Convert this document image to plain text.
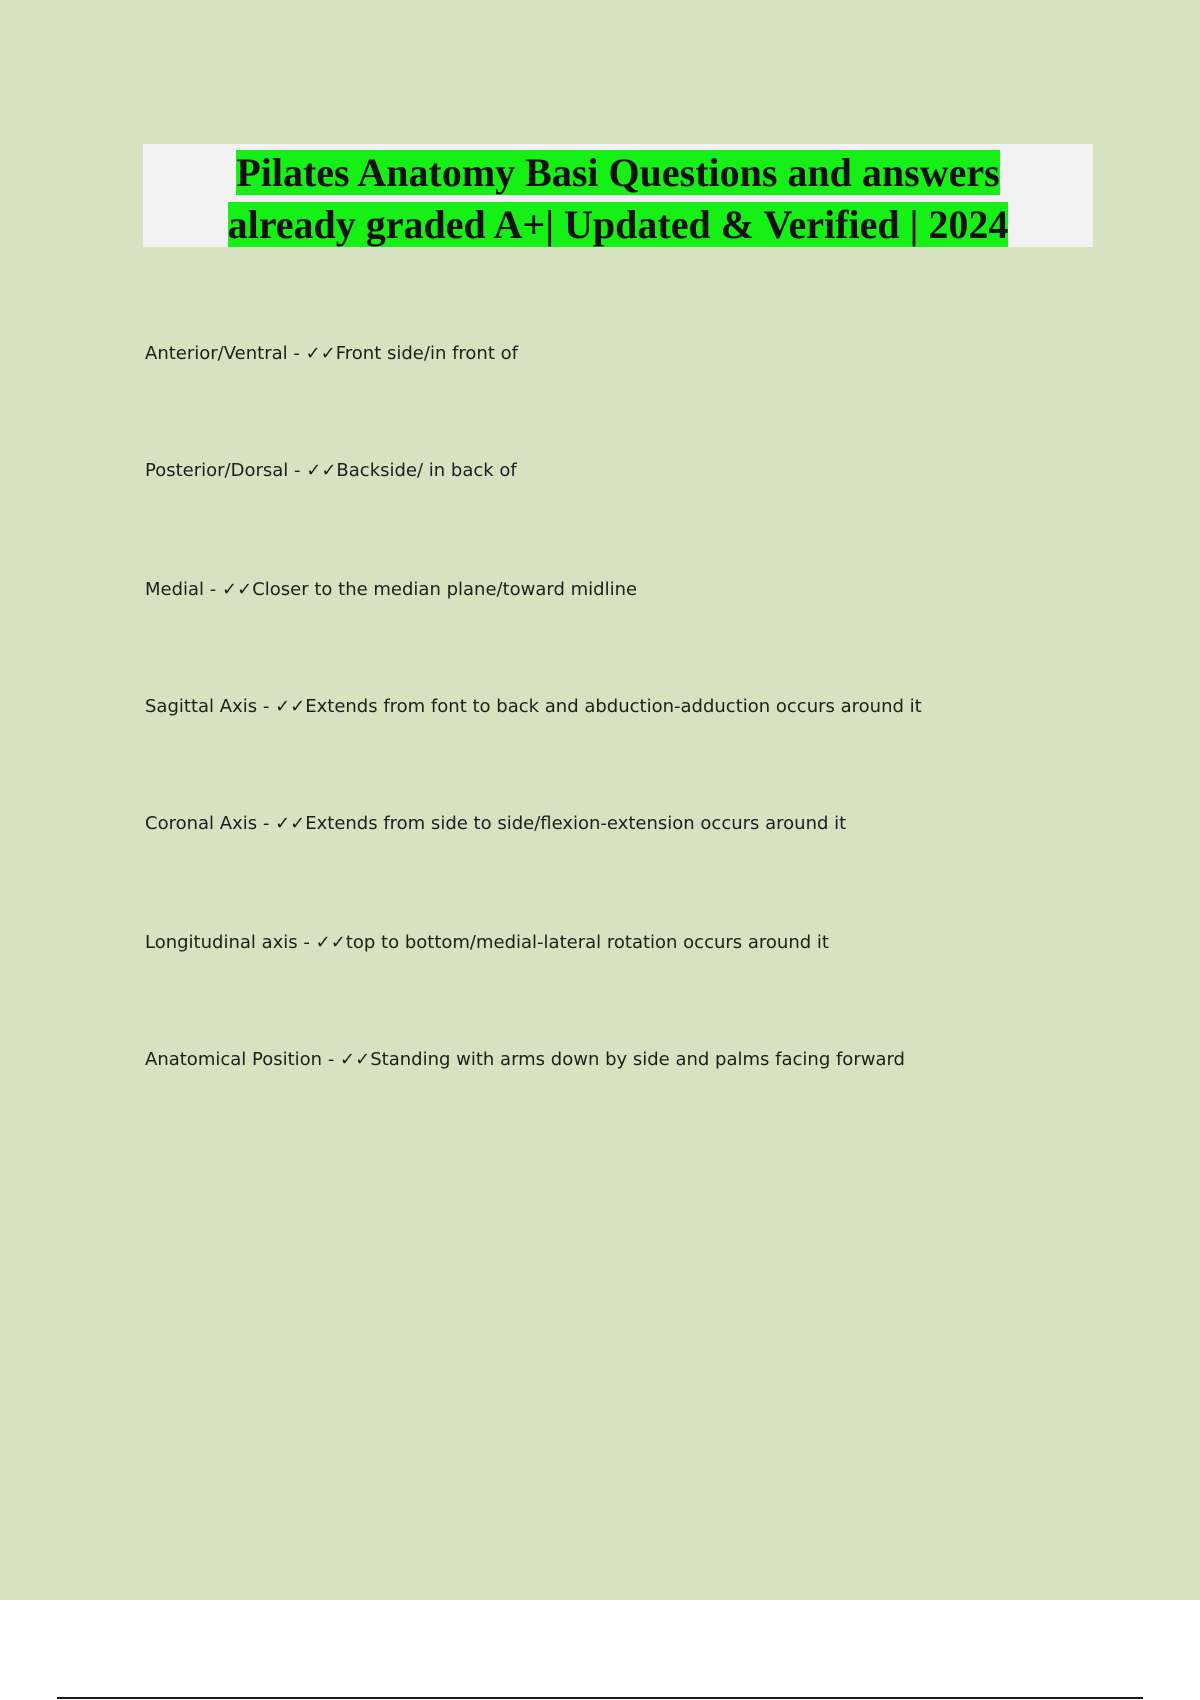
Pilates Anatomy Basi Questions and answers
already graded A+| Updated & Verified | 2024

Anterior/Ventral - ✓✓Front side/in front of

Posterior/Dorsal - ✓✓Backside/ in back of

Medial - ✓✓Closer to the median plane/toward midline

Sagittal Axis - ✓✓Extends from font to back and abduction-adduction occurs around it

Coronal Axis - ✓✓Extends from side to side/flexion-extension occurs around it

Longitudinal axis - ✓✓top to bottom/medial-lateral rotation occurs around it

Anatomical Position - ✓✓Standing with arms down by side and palms facing forward
